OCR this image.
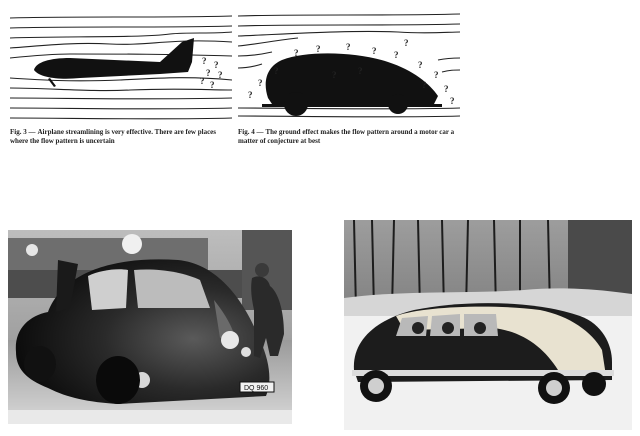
? ?
? ?
? ?
Fig. 3 — Airplane streamlining is very effective. There are few places where the flow pattern is uncertain
?	? ? ?
?
?
?
?
?
?
?
? ?
?
?
?
Fig. 4 — The ground effect makes the flow pattern around a motor car a matter of conjecture at best
DQ 960
